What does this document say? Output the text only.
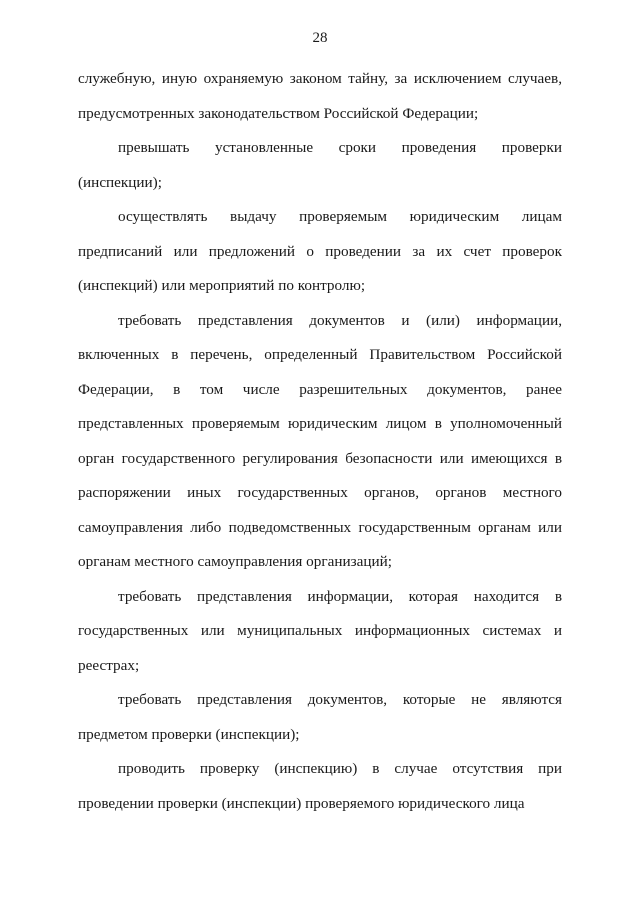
28

служебную, иную охраняемую законом тайну, за исключением случаев, предусмотренных законодательством Российской Федерации;

превышать установленные сроки проведения проверки (инспекции);

осуществлять выдачу проверяемым юридическим лицам предписаний или предложений о проведении за их счет проверок (инспекций) или мероприятий по контролю;

требовать представления документов и (или) информации, включенных в перечень, определенный Правительством Российской Федерации, в том числе разрешительных документов, ранее представленных проверяемым юридическим лицом в уполномоченный орган государственного регулирования безопасности или имеющихся в распоряжении иных государственных органов, органов местного самоуправления либо подведомственных государственным органам или органам местного самоуправления организаций;

требовать представления информации, которая находится в государственных или муниципальных информационных системах и реестрах;

требовать представления документов, которые не являются предметом проверки (инспекции);

проводить проверку (инспекцию) в случае отсутствия при проведении проверки (инспекции) проверяемого юридического лица
